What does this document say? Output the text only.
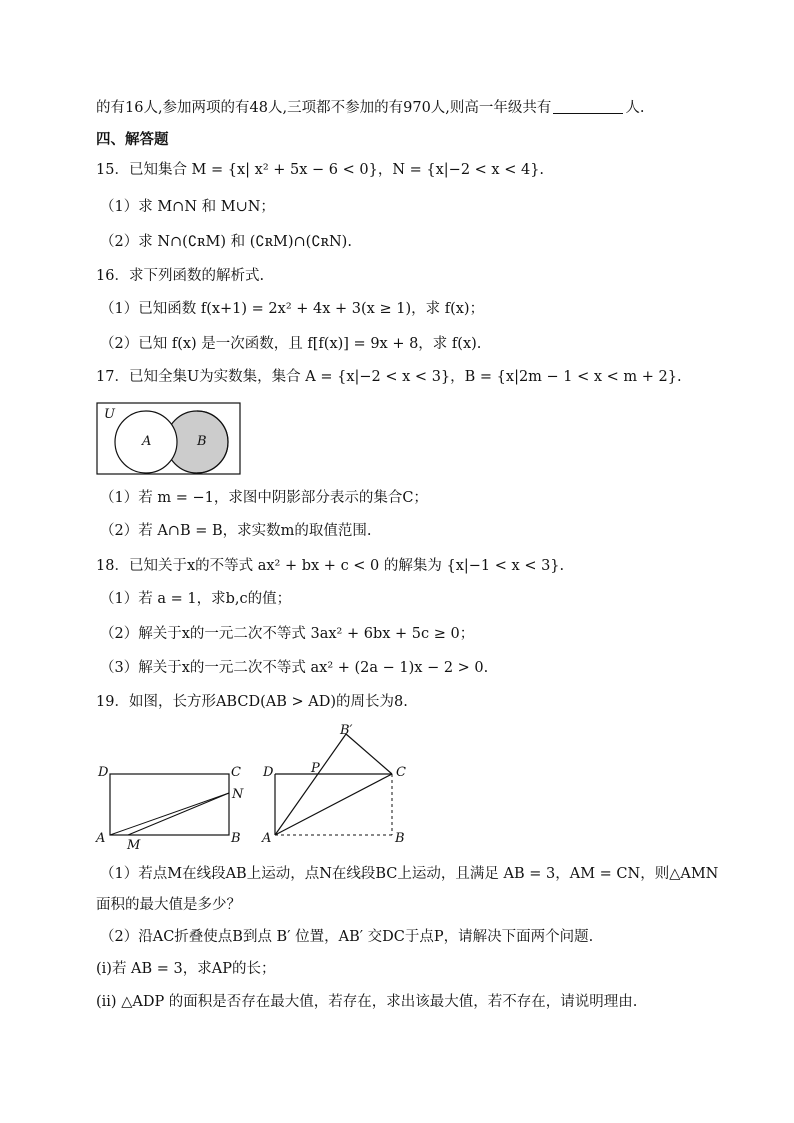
的有16人,参加两项的有48人,三项都不参加的有970人,则高一年级共有	人.
四、解答题
15．已知集合 M = {x| x² + 5x − 6 < 0}，N = {x|−2 < x < 4}.
（1）求 M∩N 和 M∪N；
（2）求 N∩(∁ʀM) 和 (∁ʀM)∩(∁ʀN).
16．求下列函数的解析式.
（1）已知函数 f(x+1) = 2x² + 4x + 3(x ≥ 1)，求 f(x)；
（2）已知 f(x) 是一次函数，且 f[f(x)] = 9x + 8，求 f(x).
17．已知全集U为实数集，集合 A = {x|−2 < x < 3}，B = {x|2m − 1 < x < m + 2}.
U
A	B
（1）若 m = −1，求图中阴影部分表示的集合C；
（2）若 A∩B = B，求实数m的取值范围.
18．已知关于x的不等式 ax² + bx + c < 0 的解集为 {x|−1 < x < 3}.
（1）若 a = 1，求b,c的值；
（2）解关于x的一元二次不等式 3ax² + 6bx + 5c ≥ 0；
（3）解关于x的一元二次不等式 ax² + (2a − 1)x − 2 > 0.
19．如图，长方形ABCD(AB > AD)的周长为8.
D	C
N
A M	B
B′
D	P	C
A	B
（1）若点M在线段AB上运动，点N在线段BC上运动，且满足 AB = 3，AM = CN，则△AMN
面积的最大值是多少？
（2）沿AC折叠使点B到点 B′ 位置，AB′ 交DC于点P，请解决下面两个问题.
(i)若 AB = 3，求AP的长；
(ii) △ADP 的面积是否存在最大值，若存在，求出该最大值，若不存在，请说明理由.
